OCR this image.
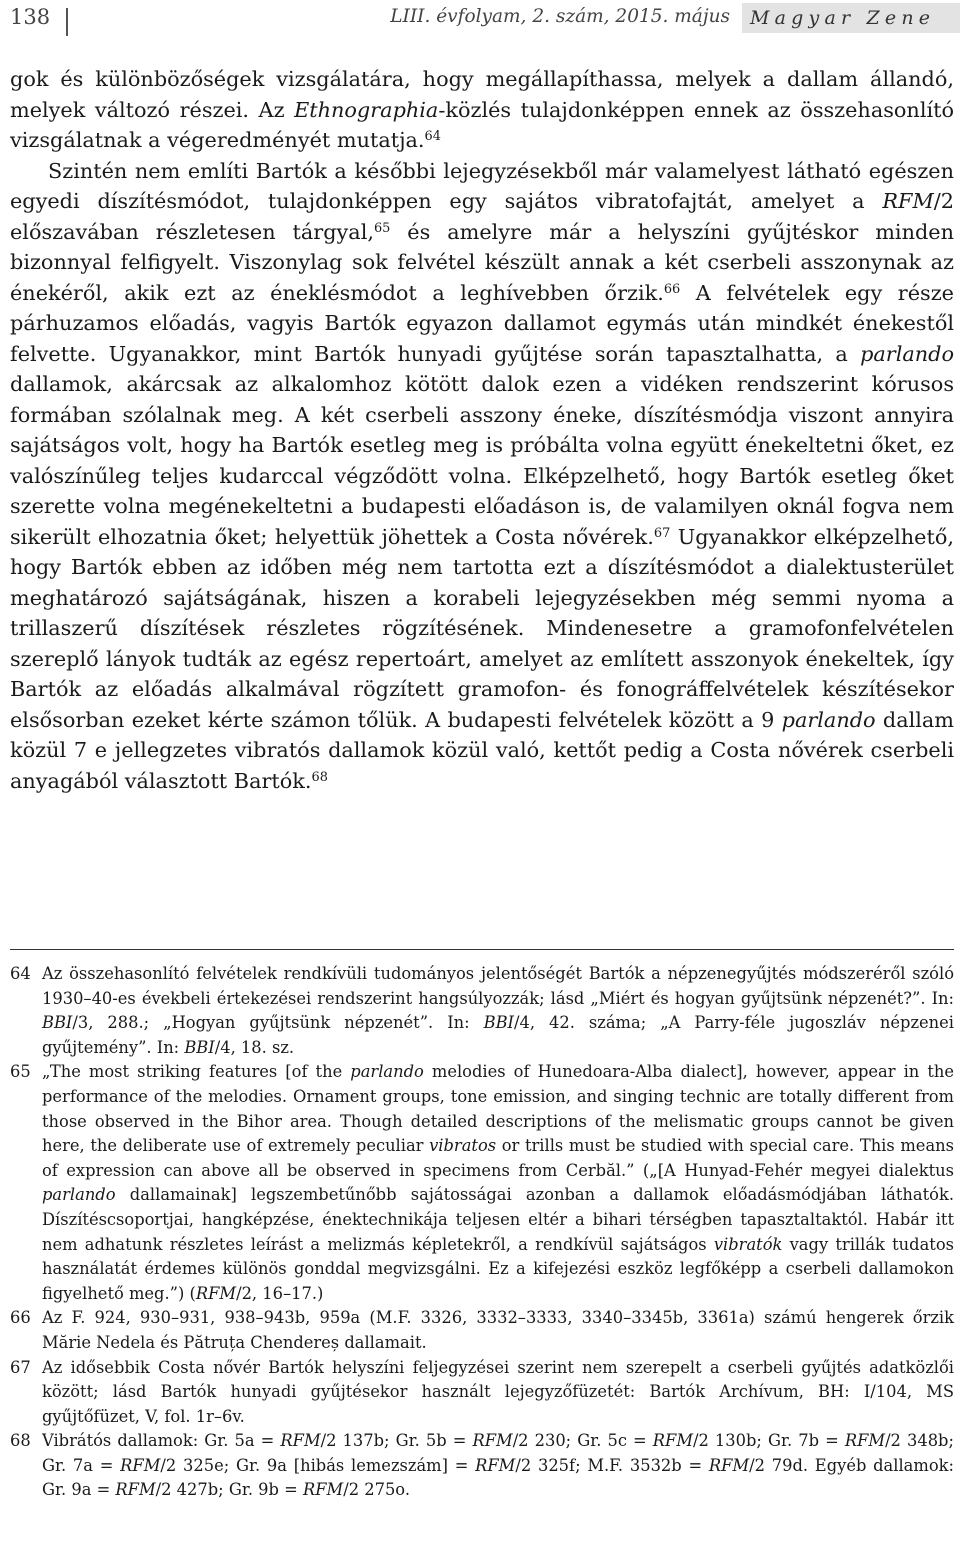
138	LIII. évfolyam, 2. szám, 2015. május	Magyar Zene

gok és különbözőségek vizsgálatára, hogy megállapíthassa, melyek a dallam állandó, melyek változó részei. Az Ethnographia-közlés tulajdonképpen ennek az összehasonlító vizsgálatnak a végeredményét mutatja.$^{64}$

Szintén nem említi Bartók a későbbi lejegyzésekből már valamelyest látható egészen egyedi díszítésmódot, tulajdonképpen egy sajátos vibratofajtát, amelyet a RFM/2 előszavában részletesen tárgyal,$^{65}$ és amelyre már a helyszíni gyűjtéskor minden bizonnyal felfigyelt. Viszonylag sok felvétel készült annak a két cserbeli asszonynak az énekéről, akik ezt az éneklésmódot a leghívebben őrzik.$^{66}$ A felvételek egy része párhuzamos előadás, vagyis Bartók egyazon dallamot egymás után mindkét énekestől felvette. Ugyanakkor, mint Bartók hunyadi gyűjtése során tapasztalhatta, a parlando dallamok, akárcsak az alkalomhoz kötött dalok ezen a vidéken rendszerint kórusos formában szólalnak meg. A két cserbeli asszony éneke, díszítésmódja viszont annyira sajátságos volt, hogy ha Bartók esetleg meg is próbálta volna együtt énekeltetni őket, ez valószínűleg teljes kudarccal végződött volna. Elképzelhető, hogy Bartók esetleg őket szerette volna megénekeltetni a budapesti előadáson is, de valamilyen oknál fogva nem sikerült elhozatnia őket; helyettük jöhettek a Costa nővérek.$^{67}$ Ugyanakkor elképzelhető, hogy Bartók ebben az időben még nem tartotta ezt a díszítésmódot a dialektusterület meghatározó sajátságának, hiszen a korabeli lejegyzésekben még semmi nyoma a trillaszerű díszítések részletes rögzítésének. Mindenesetre a gramofonfelvételen szereplő lányok tudták az egész repertoárt, amelyet az említett asszonyok énekeltek, így Bartók az előadás alkalmával rögzített gramofon- és fonográffelvételek készítésekor elsősorban ezeket kérte számon tőlük. A budapesti felvételek között a 9 parlando dallam közül 7 e jellegzetes vibratós dallamok közül való, kettőt pedig a Costa nővérek cserbeli anyagából választott Bartók.$^{68}$

64 Az összehasonlító felvételek rendkívüli tudományos jelentőségét Bartók a népzenegyűjtés módszeréről szóló 1930–40-es évekbeli értekezései rendszerint hangsúlyozzák; lásd „Miért és hogyan gyűjtsünk népzenét?”. In: BBI/3, 288.; „Hogyan gyűjtsünk népzenét”. In: BBI/4, 42. száma; „A Parry-féle jugoszláv népzenei gyűjtemény”. In: BBI/4, 18. sz.
65 „The most striking features [of the parlando melodies of Hunedoara-Alba dialect], however, appear in the performance of the melodies. Ornament groups, tone emission, and singing technic are totally different from those observed in the Bihor area. Though detailed descriptions of the melismatic groups cannot be given here, the deliberate use of extremely peculiar vibratos or trills must be studied with special care. This means of expression can above all be observed in specimens from Cerbăl.” („[A Hunyad-Fehér megyei dialektus parlando dallamainak] legszembetűnőbb sajátosságai azonban a dallamok előadásmódjában láthatók. Díszítéscsoportjai, hangképzése, énektechnikája teljesen eltér a bihari térségben tapasztaltaktól. Habár itt nem adhatunk részletes leírást a melizmás képletekről, a rendkívül sajátságos vibratók vagy trillák tudatos használatát érdemes különös gonddal megvizsgálni. Ez a kifejezési eszköz legfőképp a cserbeli dallamokon figyelhető meg.”) (RFM/2, 16–17.)
66 Az F. 924, 930–931, 938–943b, 959a (M.F. 3326, 3332–3333, 3340–3345b, 3361a) számú hengerek őrzik Mărie Nedela és Pătruța Chendereș dallamait.
67 Az idősebbik Costa nővér Bartók helyszíni feljegyzései szerint nem szerepelt a cserbeli gyűjtés adatközlői között; lásd Bartók hunyadi gyűjtésekor használt lejegyzőfüzetét: Bartók Archívum, BH: I/104, MS gyűjtőfüzet, V, fol. 1r–6v.
68 Vibrátós dallamok: Gr. 5a = RFM/2 137b; Gr. 5b = RFM/2 230; Gr. 5c = RFM/2 130b; Gr. 7b = RFM/2 348b; Gr. 7a = RFM/2 325e; Gr. 9a [hibás lemezszám] = RFM/2 325f; M.F. 3532b = RFM/2 79d. Egyéb dallamok: Gr. 9a = RFM/2 427b; Gr. 9b = RFM/2 275o.
